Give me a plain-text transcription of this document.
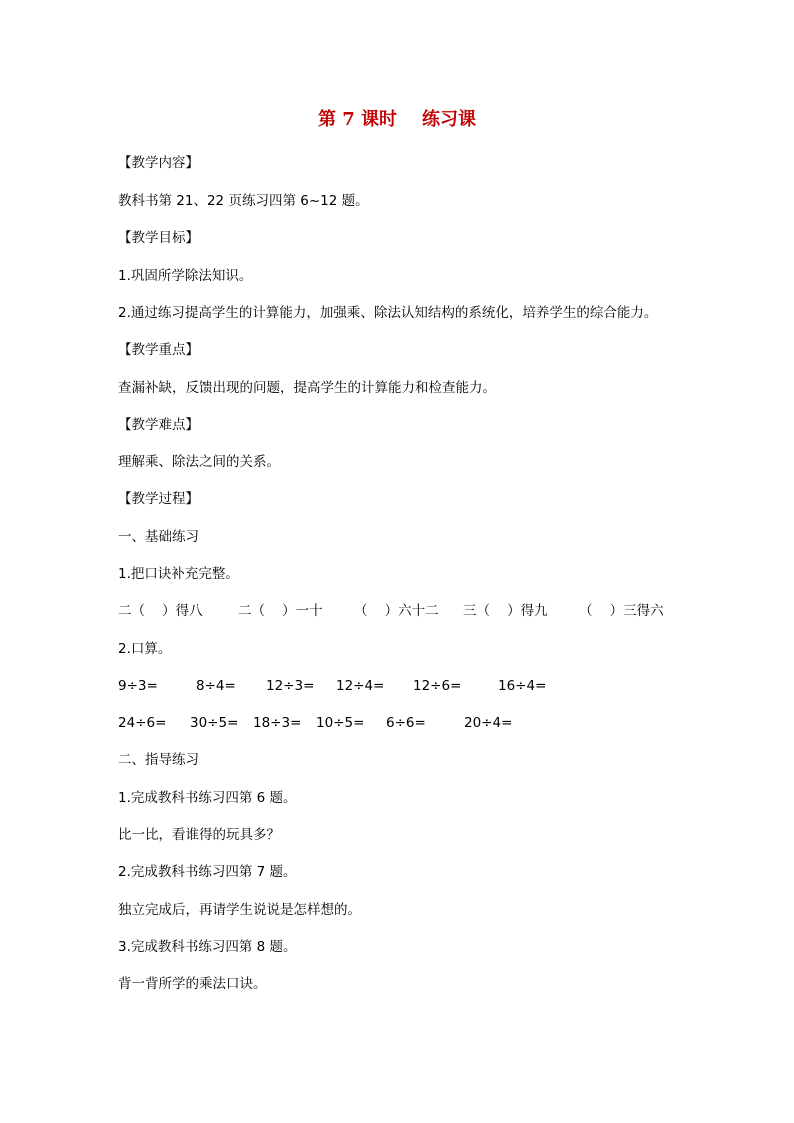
第 7 课时    练习课
【教学内容】
教科书第 21、22 页练习四第 6~12 题。
【教学目标】
1.巩固所学除法知识。
2.通过练习提高学生的计算能力，加强乘、除法认知结构的系统化，培养学生的综合能力。
【教学重点】
查漏补缺，反馈出现的问题，提高学生的计算能力和检查能力。
【教学难点】
理解乘、除法之间的关系。
【教学过程】
一、基础练习
1.把口诀补充完整。

二（    ）得八

	二（    ）一十

（    ）六十二

三（    ）得九

（    ）三得六

2.口算。

9÷3=

	8÷4=

12÷3=

12÷4=

12÷6=

	16÷4=

24÷6=

30÷5=

18÷3=

10÷5=

6÷6=

	20÷4=

二、指导练习
1.完成教科书练习四第 6 题。
比一比，看谁得的玩具多？
2.完成教科书练习四第 7 题。
独立完成后，再请学生说说是怎样想的。
3.完成教科书练习四第 8 题。
背一背所学的乘法口诀。
